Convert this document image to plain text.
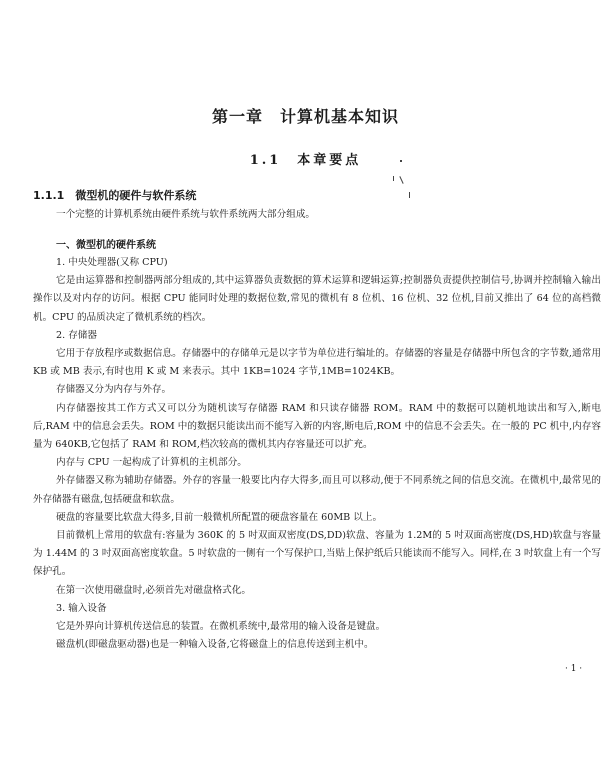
第一章　计算机基本知识
1.1　本章要点
1.1.1　微型机的硬件与软件系统

一个完整的计算机系统由硬件系统与软件系统两大部分组成。

一、微型机的硬件系统

1. 中央处理器(又称 CPU)

它是由运算器和控制器两部分组成的,其中运算器负责数据的算术运算和逻辑运算;控制器负责提供控制信号,协调并控制输入输出操作以及对内存的访问。根据 CPU 能同时处理的数据位数,常见的微机有 8 位机、16 位机、32 位机,目前又推出了 64 位的高档微机。CPU 的品质决定了微机系统的档次。

2. 存储器

它用于存放程序或数据信息。存储器中的存储单元是以字节为单位进行编址的。存储器的容量是存储器中所包含的字节数,通常用 KB 或 MB 表示,有时也用 K 或 M 来表示。其中 1KB=1024 字节,1MB=1024KB。

存储器又分为内存与外存。

内存储器按其工作方式又可以分为随机读写存储器 RAM 和只读存储器 ROM。RAM 中的数据可以随机地读出和写入,断电后,RAM 中的信息会丢失。ROM 中的数据只能读出而不能写入新的内容,断电后,ROM 中的信息不会丢失。在一般的 PC 机中,内存容量为 640KB,它包括了 RAM 和 ROM,档次较高的微机其内存容量还可以扩充。

内存与 CPU 一起构成了计算机的主机部分。

外存储器又称为辅助存储器。外存的容量一般要比内存大得多,而且可以移动,便于不同系统之间的信息交流。在微机中,最常见的外存储器有磁盘,包括硬盘和软盘。

硬盘的容量要比软盘大得多,目前一般微机所配置的硬盘容量在 60MB 以上。

目前微机上常用的软盘有:容量为 360K 的 5 吋双面双密度(DS,DD)软盘、容量为 1.2M的 5 吋双面高密度(DS,HD)软盘与容量为 1.44M 的 3 吋双面高密度软盘。5 吋软盘的一侧有一个写保护口,当贴上保护纸后只能读而不能写入。同样,在 3 吋软盘上有一个写保护孔。

在第一次使用磁盘时,必须首先对磁盘格式化。

3. 输入设备

它是外界向计算机传送信息的装置。在微机系统中,最常用的输入设备是键盘。

磁盘机(即磁盘驱动器)也是一种输入设备,它将磁盘上的信息传送到主机中。

· 1 ·
